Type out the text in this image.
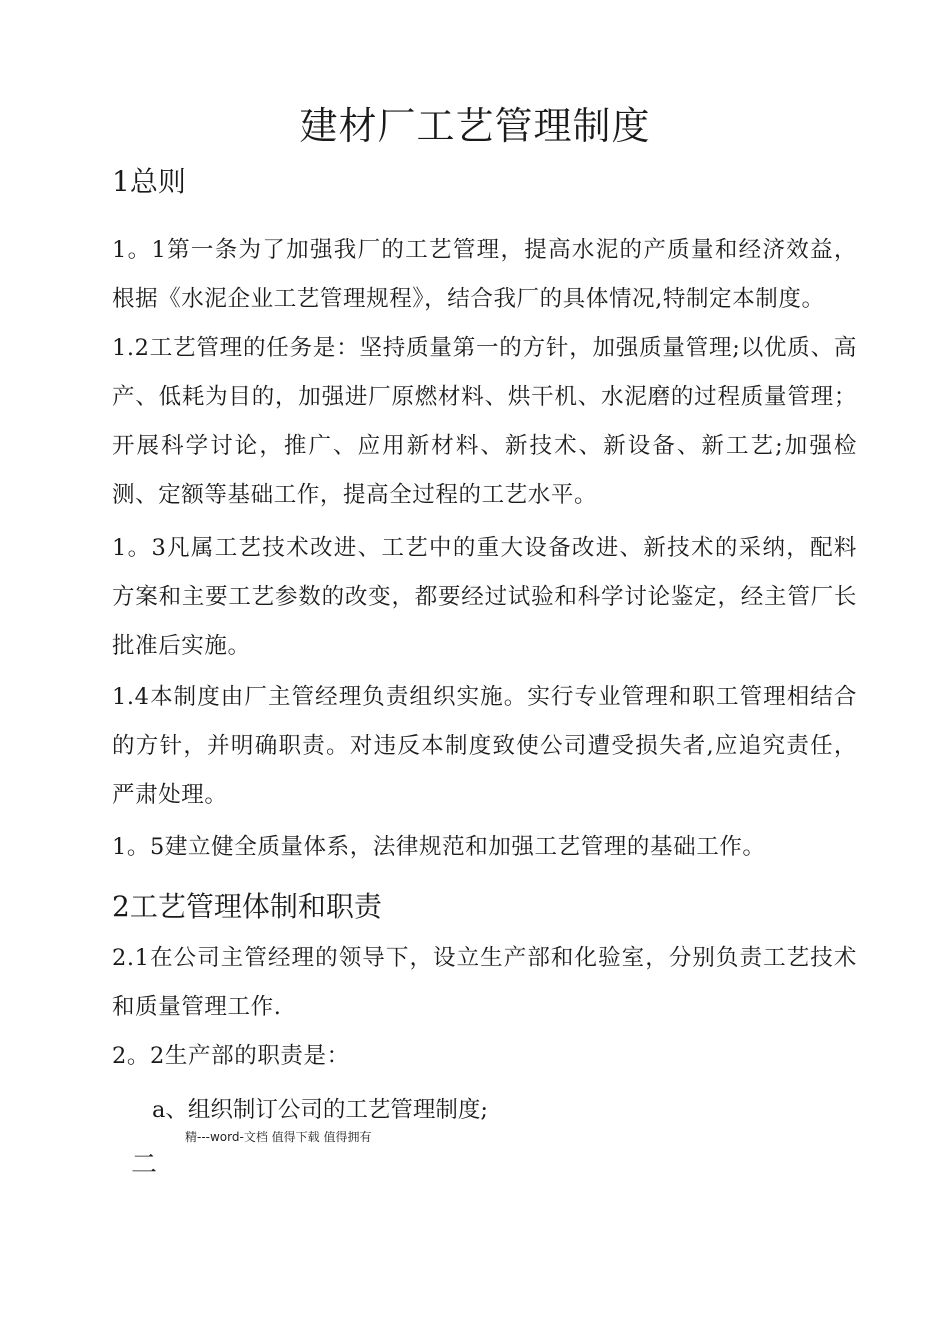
建材厂工艺管理制度
1总则

1。1第一条为了加强我厂的工艺管理，提高水泥的产质量和经济效益，根据《水泥企业工艺管理规程》，结合我厂的具体情况,特制定本制度。

1.2工艺管理的任务是：坚持质量第一的方针，加强质量管理;以优质、高产、低耗为目的，加强进厂原燃材料、烘干机、水泥磨的过程质量管理；开展科学讨论，推广、应用新材料、新技术、新设备、新工艺;加强检测、定额等基础工作，提高全过程的工艺水平。

1。3凡属工艺技术改进、工艺中的重大设备改进、新技术的采纳，配料方案和主要工艺参数的改变，都要经过试验和科学讨论鉴定，经主管厂长批准后实施。

1.4本制度由厂主管经理负责组织实施。实行专业管理和职工管理相结合的方针，并明确职责。对违反本制度致使公司遭受损失者,应追究责任，严肃处理。

1。5建立健全质量体系，法律规范和加强工艺管理的基础工作。

2工艺管理体制和职责

2.1在公司主管经理的领导下，设立生产部和化验室，分别负责工艺技术和质量管理工作.

2。2生产部的职责是：

a、组织制订公司的工艺管理制度;
精---word-文档 值得下载 值得拥有
二
